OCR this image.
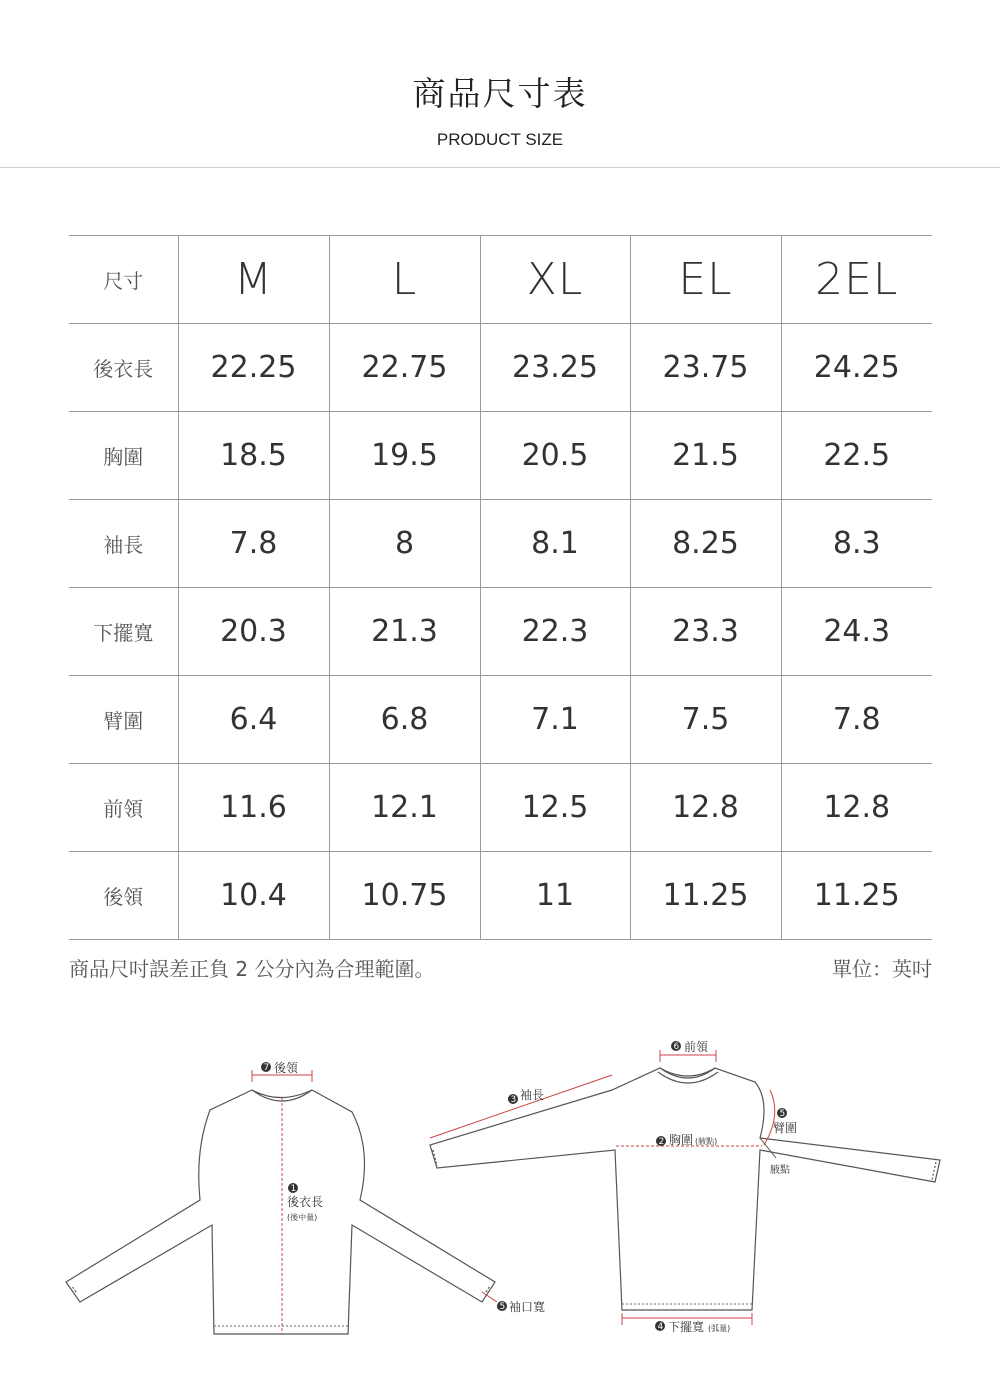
商品尺寸表
PRODUCT SIZE
尺寸	M	L	XL	EL	2EL
後衣長	22.25	22.75	23.25	23.75	24.25
胸圍	18.5	19.5	20.5	21.5	22.5
袖長	7.8	8	8.1	8.25	8.3
下擺寬	20.3	21.3	22.3	23.3	24.3
臂圍	6.4	6.8	7.1	7.5	7.8
前領	11.6	12.1	12.5	12.8	12.8
後領	10.4	10.75	11	11.25	11.25
商品尺吋誤差正負 2 公分內為合理範圍。	單位：英吋
7 後領
1
後衣長
(後中量)
5 袖口寬
6 前領
3 袖長
2 胸圍 (腋點)
5
臂圍
腋點
4 下擺寬 (弧量)
